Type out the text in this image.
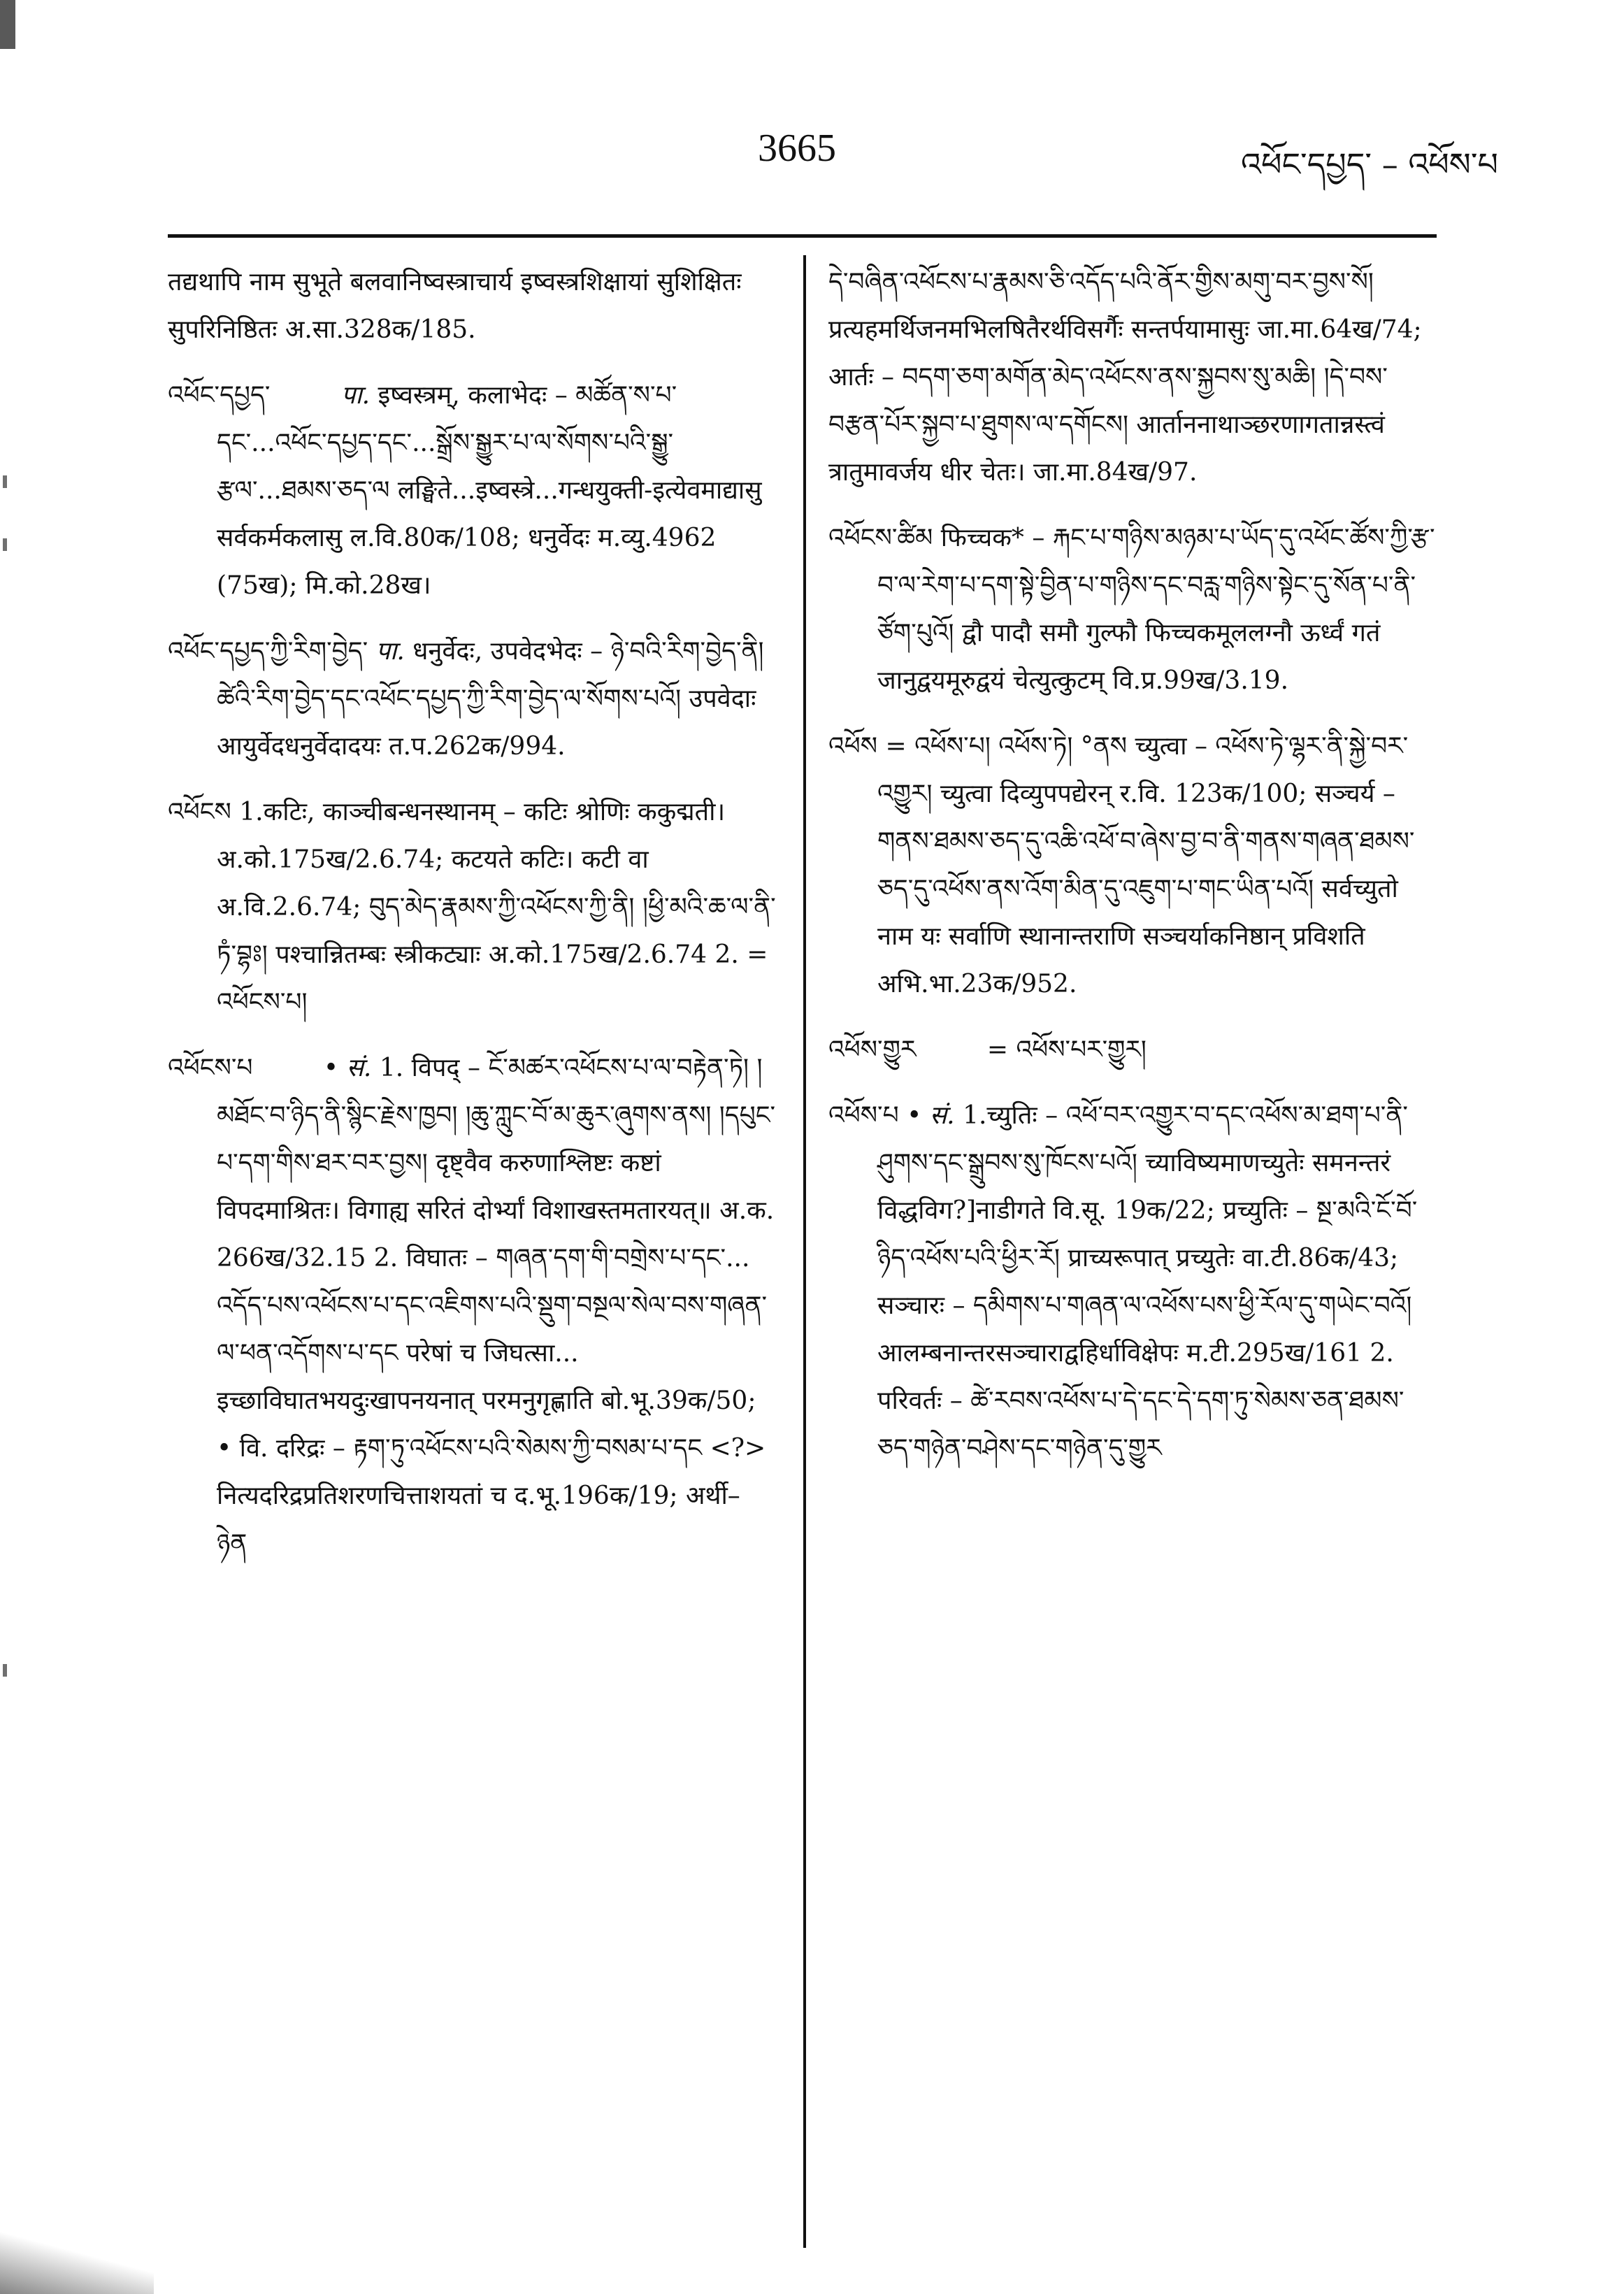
3665	འཕོང་དཔྱད་ – འཕོས་པ

तद्यथापि नाम सुभूते बलवानिष्वस्त्राचार्य इष्वस्त्रशिक्षायां सुशिक्षितः सुपरिनिष्ठितः अ.सा.328क/185.

འཕོང་དཔྱད་	पा. इष्वस्त्रम्, कलाभेदः – མཚོན་ས་པ་དང་...འཕོང་དཔྱད་དང་...སྒྲོས་སྒྱུར་པ་ལ་སོགས་པའི་སྒྱུ་རྩལ་...ཐམས་ཅད་ལ लङ्घिते...इष्वस्त्रे...गन्धयुक्ती-इत्येवमाद्यासु सर्वकर्मकलासु ल.वि.80क/108; धनुर्वेदः म.व्यु.4962 (75ख); मि.को.28ख।

འཕོང་དཔྱད་ཀྱི་རིག་བྱེད་ पा. धनुर्वेदः, उपवेदभेदः – ཉེ་བའི་རིག་བྱེད་ནི། ཚེའི་རིག་བྱེད་དང་འཕོང་དཔྱད་ཀྱི་རིག་བྱེད་ལ་སོགས་པའོ། उपवेदाः आयुर्वेदधनुर्वेदादयः त.प.262क/994.

འཕོངས 1.कटिः, काञ्चीबन्धनस्थानम् – कटिः श्रोणिः ककुद्मती। अ.को.175ख/2.6.74; कटयते कटिः। कटी वा अ.वि.2.6.74; བུད་མེད་རྣམས་ཀྱི་འཕོངས་ཀྱི་ནི། །ཕྱི་མའི་ཆ་ལ་ནི་ཏཾ་བྷཿ། पश्चान्नितम्बः स्त्रीकट्याः अ.को.175ख/2.6.74 2. = འཕོངས་པ།

འཕོངས་པ	• सं. 1. विपद् – ངོ་མཚར་འཕོངས་པ་ལ་བརྟེན་ཏེ། །མཐོང་བ་ཉིད་ནི་སྙིང་རྗེས་ཁྱབ། །ཆུ་ཀླུང་བོ་མ་ཆུར་ཞུགས་ནས། །དཔུང་པ་དག་གིས་ཐར་བར་བྱས། दृष्ट्वैव करुणाश्लिष्टः कष्टां विपदमाश्रितः। विगाह्य सरितं दोर्भ्यां विशाखस्तमतारयत्॥ अ.क. 266ख/32.15 2. विघातः – གཞན་དག་གི་བགྲེས་པ་དང་... འདོད་པས་འཕོངས་པ་དང་འཇིགས་པའི་སྡུག་བསྔལ་སེལ་བས་གཞན་ལ་ཕན་འདོགས་པ་དང परेषां च जिघत्सा... इच्छाविघातभयदुःखापनयनात् परमनुगृह्णाति बो.भू.39क/50; • वि. दरिद्रः – རྟག་ཏུ་འཕོངས་པའི་སེམས་ཀྱི་བསམ་པ་དང <?> नित्यदरिद्रप्रतिशरणचित्ताशयतां च द.भू.196क/19; अर्थी– ཉེན

དེ་བཞིན་འཕོངས་པ་རྣམས་ཅི་འདོད་པའི་ནོར་གྱིས་མགུ་བར་བྱས་སོ། प्रत्यहमर्थिजनमभिलषितैरर्थविसर्गैः सन्तर्पयामासुः जा.मा.64ख/74; आर्तः – བདག་ཅག་མགོན་མེད་འཕོངས་ནས་སྐྱབས་སུ་མཆི། །དེ་བས་བརྩན་པོར་སྐྱབ་པ་ཐུགས་ལ་དགོངས། आर्ताननाथाञ्छरणागतान्नस्त्वं त्रातुमावर्जय धीर चेतः। जा.मा.84ख/97.

འཕོངས་ཚིམ फिच्चक* – རྐང་པ་གཉིས་མཉམ་པ་ཡོད་དུ་འཕོང་ཚོས་ཀྱི་རྩ་བ་ལ་རེག་པ་དག་སྟེ་བྱིན་པ་གཉིས་དང་བརླ་གཉིས་སྟེང་དུ་སོན་པ་ནི་ཙོག་པུའོ། द्वौ पादौ समौ गुल्फौ फिच्चकमूललग्नौ ऊर्ध्वं गतं जानुद्वयमूरुद्वयं चेत्युत्कुटम् वि.प्र.99ख/3.19.

འཕོས = འཕོས་པ། འཕོས་ཏེ། °ནས च्युत्वा – འཕོས་ཏེ་ལྷར་ནི་སྐྱེ་བར་འགྱུར། च्युत्वा दिव्युपपद्येरन् र.वि. 123क/100; सञ्चर्य – གནས་ཐམས་ཅད་དུ་འཆི་འཕོ་བ་ཞེས་བྱ་བ་ནི་གནས་གཞན་ཐམས་ཅད་དུ་འཕོས་ནས་འོག་མིན་དུ་འཇུག་པ་གང་ཡིན་པའོ། सर्वच्युतो नाम यः सर्वाणि स्थानान्तराणि सञ्चर्याकनिष्ठान् प्रविशति अभि.भा.23क/952.

འཕོས་གྱུར	= འཕོས་པར་གྱུར།

འཕོས་པ • सं. 1.च्युतिः – འཕོ་བར་འགྱུར་བ་དང་འཕོས་མ་ཐག་པ་ནི་ཤུགས་དང་སྒྲུབས་སུ་ཁོངས་པའོ། च्याविष्यमाणच्युतेः समनन्तरं विद्धविग?]नाडीगते वि.सू. 19क/22; प्रच्युतिः – སྔ་མའི་ངོ་བོ་ཉིད་འཕོས་པའི་ཕྱིར་རོ། प्राच्यरूपात् प्रच्युतेः वा.टी.86क/43; सञ्चारः – དམིགས་པ་གཞན་ལ་འཕོས་པས་ཕྱི་རོལ་དུ་གཡེང་བའོ། आलम्बनान्तरसञ्चाराद्वहिर्धाविक्षेपः म.टी.295ख/161 2. परिवर्तः – ཚེ་རབས་འཕོས་པ་དེ་དང་དེ་དག་ཏུ་སེམས་ཅན་ཐམས་ཅད་གཉེན་བཤེས་དང་གཉེན་དུ་གྱུར
